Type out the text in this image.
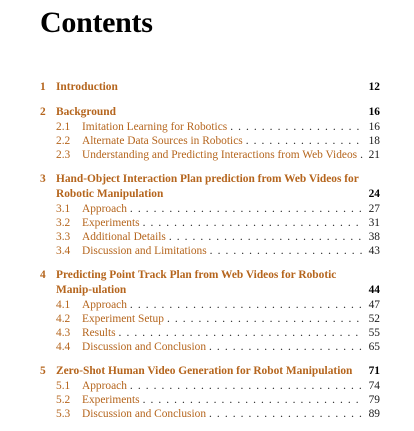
Contents
1 Introduction	12
2 Background	16
2.1	Imitation Learning for Robotics . . .	16
2.2	Alternate Data Sources in Robotics . . .	18
2.3	Understanding and Predicting Interactions from Web Videos . . . 21
3 Hand-Object Interaction Plan prediction from Web Videos for Robotic Manipulation	24
3.1	Approach . . .	27
3.2	Experiments . . .	31
3.3	Additional Details . . .	38
3.4	Discussion and Limitations . . .	43
4 Predicting Point Track Plan from Web Videos for Robotic Manip-ulation	44
4.1	Approach . . .	47
4.2	Experiment Setup . . .	52
4.3	Results . . .	55
4.4	Discussion and Conclusion . . .	65
5 Zero-Shot Human Video Generation for Robot Manipulation	71
5.1	Approach . . .	74
5.2	Experiments . . .	79
5.3	Discussion and Conclusion . . .	89
